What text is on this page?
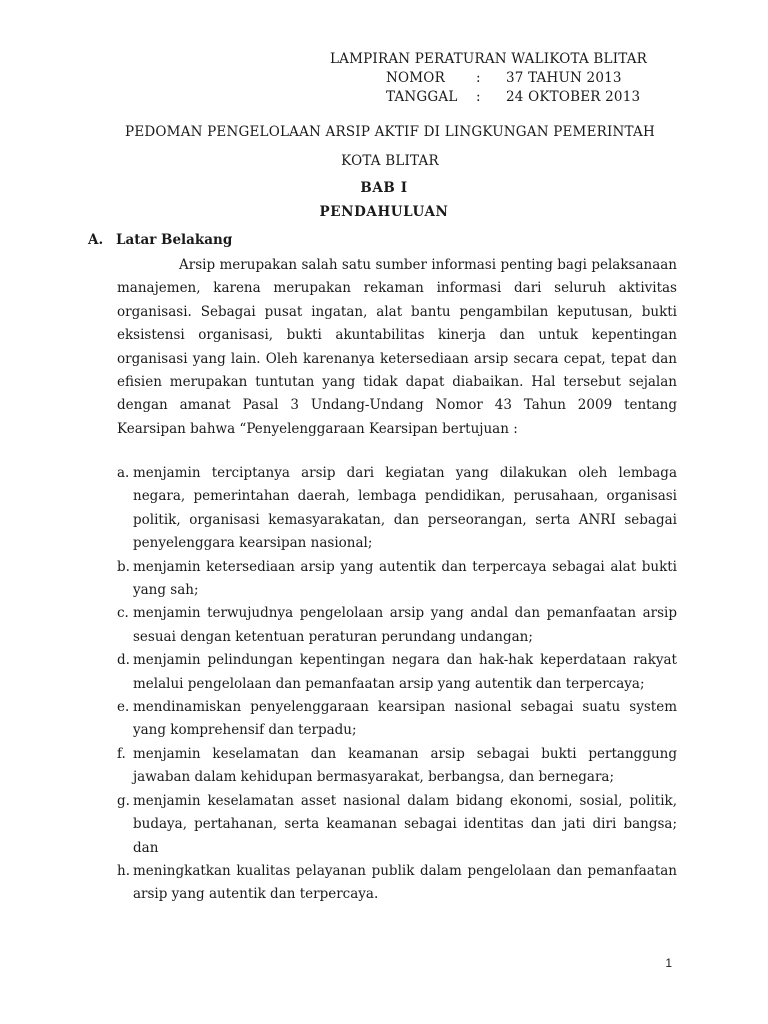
LAMPIRAN PERATURAN WALIKOTA BLITAR
NOMOR	:	37 TAHUN 2013
TANGGAL	:	24 OKTOBER 2013
PEDOMAN PENGELOLAAN ARSIP AKTIF DI LINGKUNGAN PEMERINTAH
KOTA BLITAR
BAB I
PENDAHULUAN
A. Latar Belakang

Arsip merupakan salah satu sumber informasi penting bagi pelaksanaan manajemen, karena merupakan rekaman informasi dari seluruh aktivitas organisasi. Sebagai pusat ingatan, alat bantu pengambilan keputusan, bukti eksistensi organisasi, bukti akuntabilitas kinerja dan untuk kepentingan organisasi yang lain. Oleh karenanya ketersediaan arsip secara cepat, tepat dan efisien merupakan tuntutan yang tidak dapat diabaikan. Hal tersebut sejalan dengan amanat Pasal 3 Undang-Undang Nomor 43 Tahun 2009 tentang Kearsipan bahwa “Penyelenggaraan Kearsipan bertujuan :

a. menjamin terciptanya arsip dari kegiatan yang dilakukan oleh lembaga negara, pemerintahan daerah, lembaga pendidikan, perusahaan, organisasi politik, organisasi kemasyarakatan, dan perseorangan, serta ANRI sebagai penyelenggara kearsipan nasional;
b. menjamin ketersediaan arsip yang autentik dan terpercaya sebagai alat bukti yang sah;
c. menjamin terwujudnya pengelolaan arsip yang andal dan pemanfaatan arsip sesuai dengan ketentuan peraturan perundang undangan;
d. menjamin pelindungan kepentingan negara dan hak-hak keperdataan rakyat melalui pengelolaan dan pemanfaatan arsip yang autentik dan terpercaya;
e. mendinamiskan penyelenggaraan kearsipan nasional sebagai suatu system yang komprehensif dan terpadu;
f. menjamin keselamatan dan keamanan arsip sebagai bukti pertanggung jawaban dalam kehidupan bermasyarakat, berbangsa, dan bernegara;
g. menjamin keselamatan asset nasional dalam bidang ekonomi, sosial, politik, budaya, pertahanan, serta keamanan sebagai identitas dan jati diri bangsa; dan
h. meningkatkan kualitas pelayanan publik dalam pengelolaan dan pemanfaatan arsip yang autentik dan terpercaya.
1
